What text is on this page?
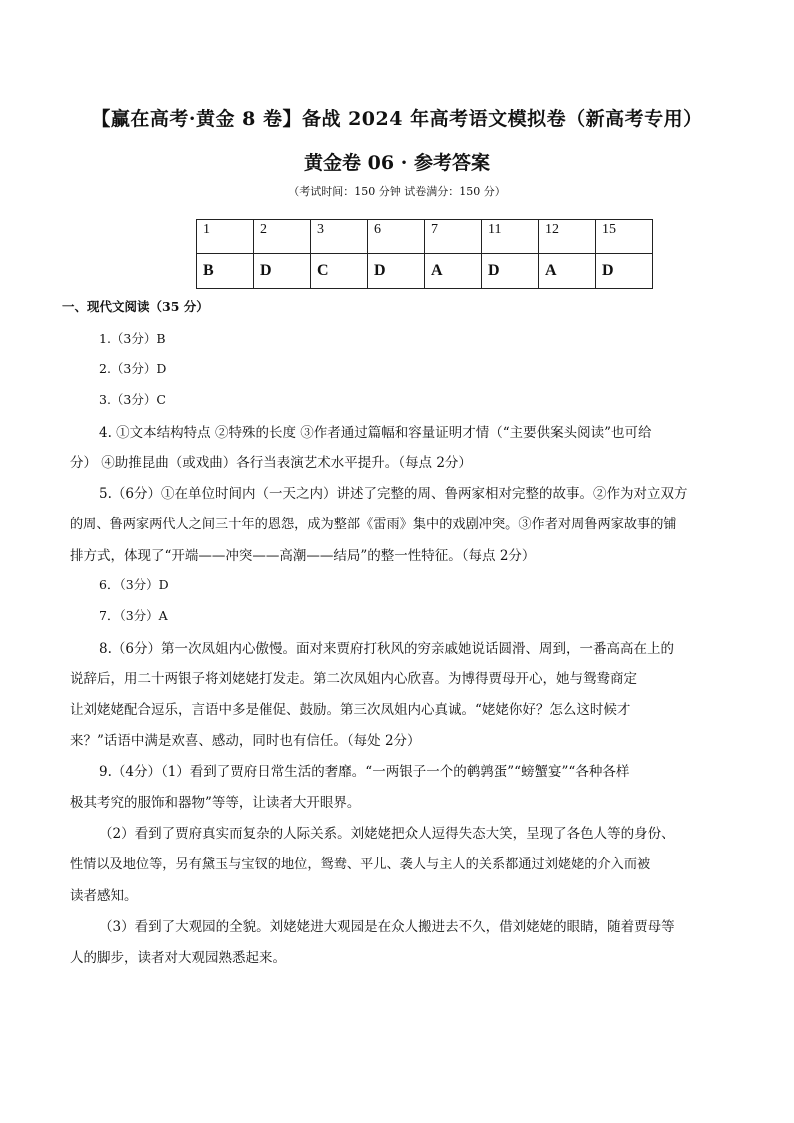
【赢在高考·黄金 8 卷】备战 2024 年高考语文模拟卷（新高考专用）
黄金卷 06 · 参考答案
（考试时间：150 分钟 试卷满分：150 分）
1	2	3	6	7	11	12	15
B	D	C	D	A	D	A	D
一、现代文阅读（35 分）
1.（3分）B
2.（3分）D
3.（3分）C
4. ①文本结构特点 ②特殊的长度 ③作者通过篇幅和容量证明才情（“主要供案头阅读”也可给
分） ④助推昆曲（或戏曲）各行当表演艺术水平提升。（每点 2分）
5.（6分）①在单位时间内（一天之内）讲述了完整的周、鲁两家相对完整的故事。②作为对立双方
的周、鲁两家两代人之间三十年的恩怨，成为整部《雷雨》集中的戏剧冲突。③作者对周鲁两家故事的铺
排方式，体现了“开端——冲突——高潮——结局”的整一性特征。（每点 2分）
6．（3分）D
7．（3分）A
8.（6分）第一次凤姐内心傲慢。面对来贾府打秋风的穷亲戚她说话圆滑、周到，一番高高在上的
说辞后，用二十两银子将刘姥姥打发走。第二次凤姐内心欣喜。为博得贾母开心，她与鸳鸯商定
让刘姥姥配合逗乐，言语中多是催促、鼓励。第三次凤姐内心真诚。“姥姥你好？怎么这时候才
来？”话语中满是欢喜、感动，同时也有信任。（每处 2分）
9.（4分）（1）看到了贾府日常生活的奢靡。“一两银子一个的鹌鹑蛋”“螃蟹宴”“各种各样
极其考究的服饰和器物”等等，让读者大开眼界。
（2）看到了贾府真实而复杂的人际关系。刘姥姥把众人逗得失态大笑，呈现了各色人等的身份、
性情以及地位等，另有黛玉与宝钗的地位，鸳鸯、平儿、袭人与主人的关系都通过刘姥姥的介入而被
读者感知。
（3）看到了大观园的全貌。刘姥姥进大观园是在众人搬进去不久，借刘姥姥的眼睛，随着贾母等
人的脚步，读者对大观园熟悉起来。
